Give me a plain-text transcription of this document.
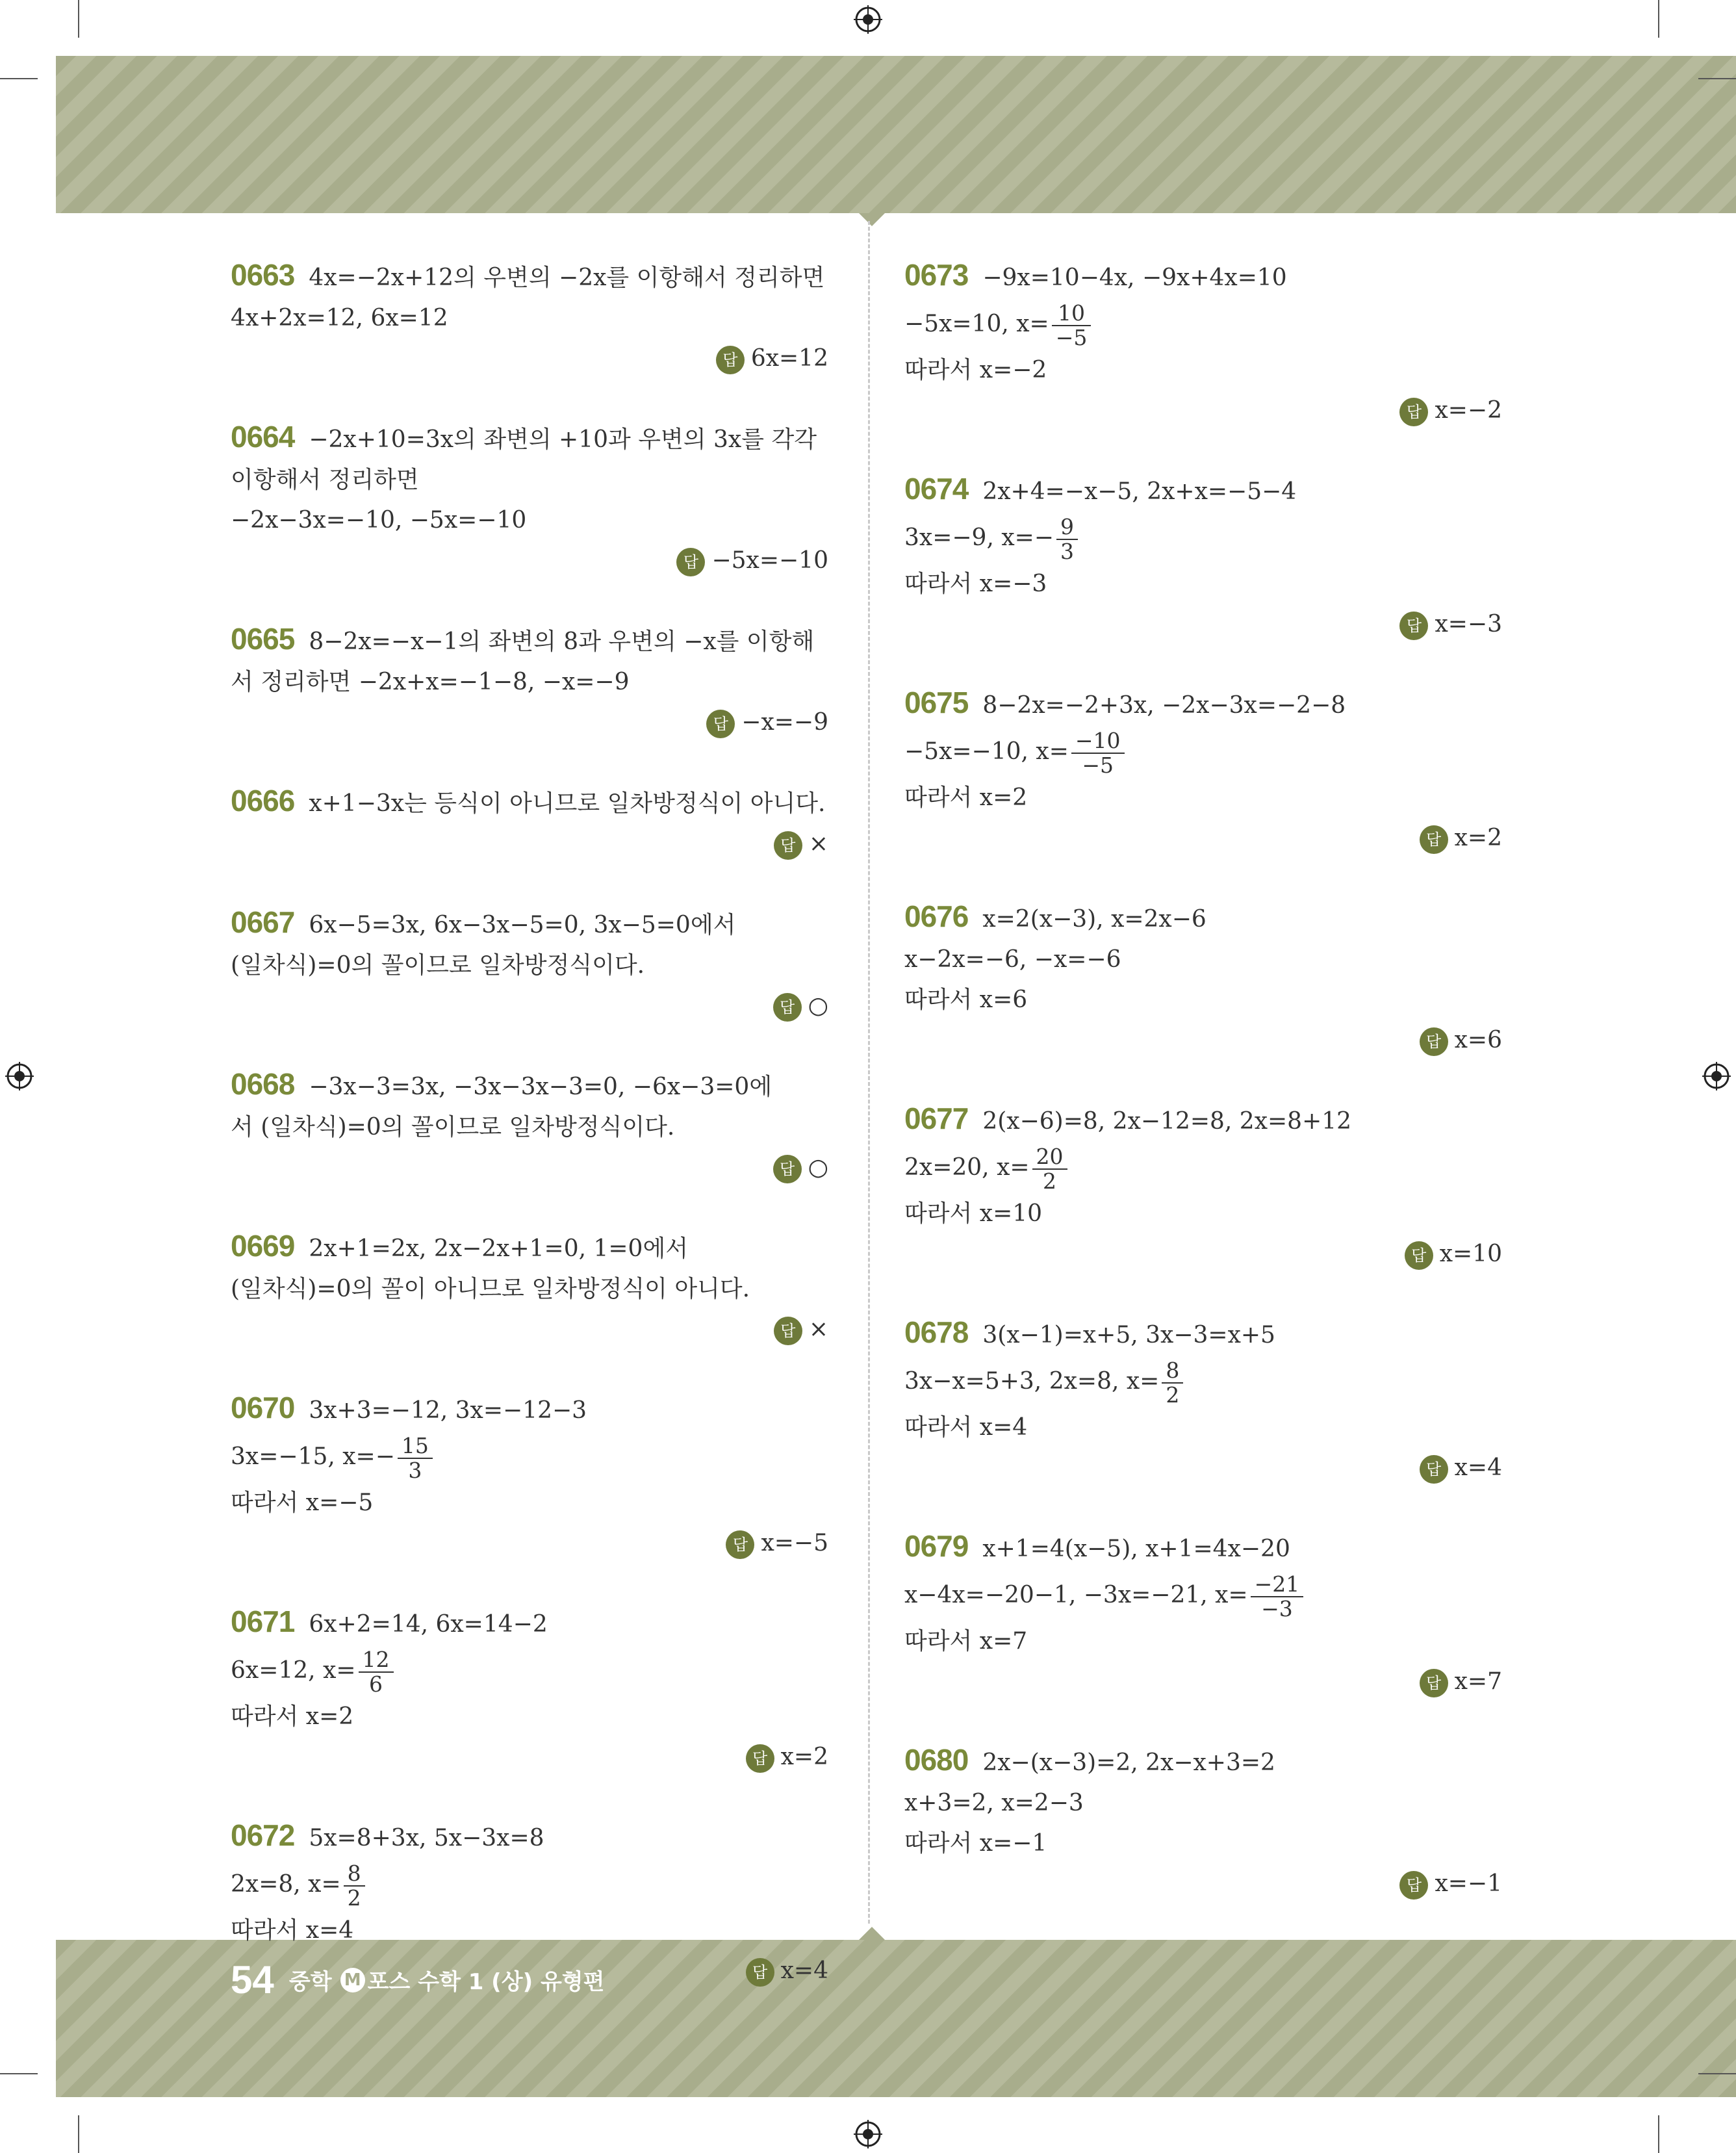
0663 4x=−2x+12의 우변의 −2x를 이항해서 정리하면
4x+2x=12, 6x=12
답 6x=12
0664 −2x+10=3x의 좌변의 +10과 우변의 3x를 각각
이항해서 정리하면
−2x−3x=−10, −5x=−10
답 −5x=−10
0665 8−2x=−x−1의 좌변의 8과 우변의 −x를 이항해
서 정리하면 −2x+x=−1−8, −x=−9
답 −x=−9
0666 x+1−3x는 등식이 아니므로 일차방정식이 아니다.
답 ×
0667 6x−5=3x, 6x−3x−5=0, 3x−5=0에서
(일차식)=0의 꼴이므로 일차방정식이다.
답 ○
0668 −3x−3=3x, −3x−3x−3=0, −6x−3=0에
서 (일차식)=0의 꼴이므로 일차방정식이다.
답 ○
0669 2x+1=2x, 2x−2x+1=0, 1=0에서
(일차식)=0의 꼴이 아니므로 일차방정식이 아니다.
답 ×
0670 3x+3=−12, 3x=−12−3
3x=−15, $x=- \frac{15}{3}$
따라서 x=−5
답 x=−5
0671 6x+2=14, 6x=14−2
6x=12, $x= \frac{12}{6}$
따라서 x=2
답 x=2
0672 5x=8+3x, 5x−3x=8
2x=8, $x= \frac{8}{2}$
따라서 x=4
답 x=4
0673 −9x=10−4x, −9x+4x=10
−5x=10, $x= \frac{10}{-5}$
따라서 x=−2
답 x=−2
0674 2x+4=−x−5, 2x+x=−5−4
3x=−9, $x=- \frac{9}{3}$
따라서 x=−3
답 x=−3
0675 8−2x=−2+3x, −2x−3x=−2−8
−5x=−10, $x= \frac{-10}{-5}$
따라서 x=2
답 x=2
0676 x=2(x−3), x=2x−6
x−2x=−6, −x=−6
따라서 x=6
답 x=6
0677 2(x−6)=8, 2x−12=8, 2x=8+12
2x=20, $x= \frac{20}{2}$
따라서 x=10
답 x=10
0678 3(x−1)=x+5, 3x−3=x+5
3x−x=5+3, 2x=8, $x= \frac{8}{2}$
따라서 x=4
답 x=4
0679 x+1=4(x−5), x+1=4x−20
x−4x=−20−1, −3x=−21, $x= \frac{-21}{-3}$
따라서 x=7
답 x=7
0680 2x−(x−3)=2, 2x−x+3=2
x+3=2, x=2−3
따라서 x=−1
답 x=−1
54 중학 M 포스 수학 1 (상) 유형편
